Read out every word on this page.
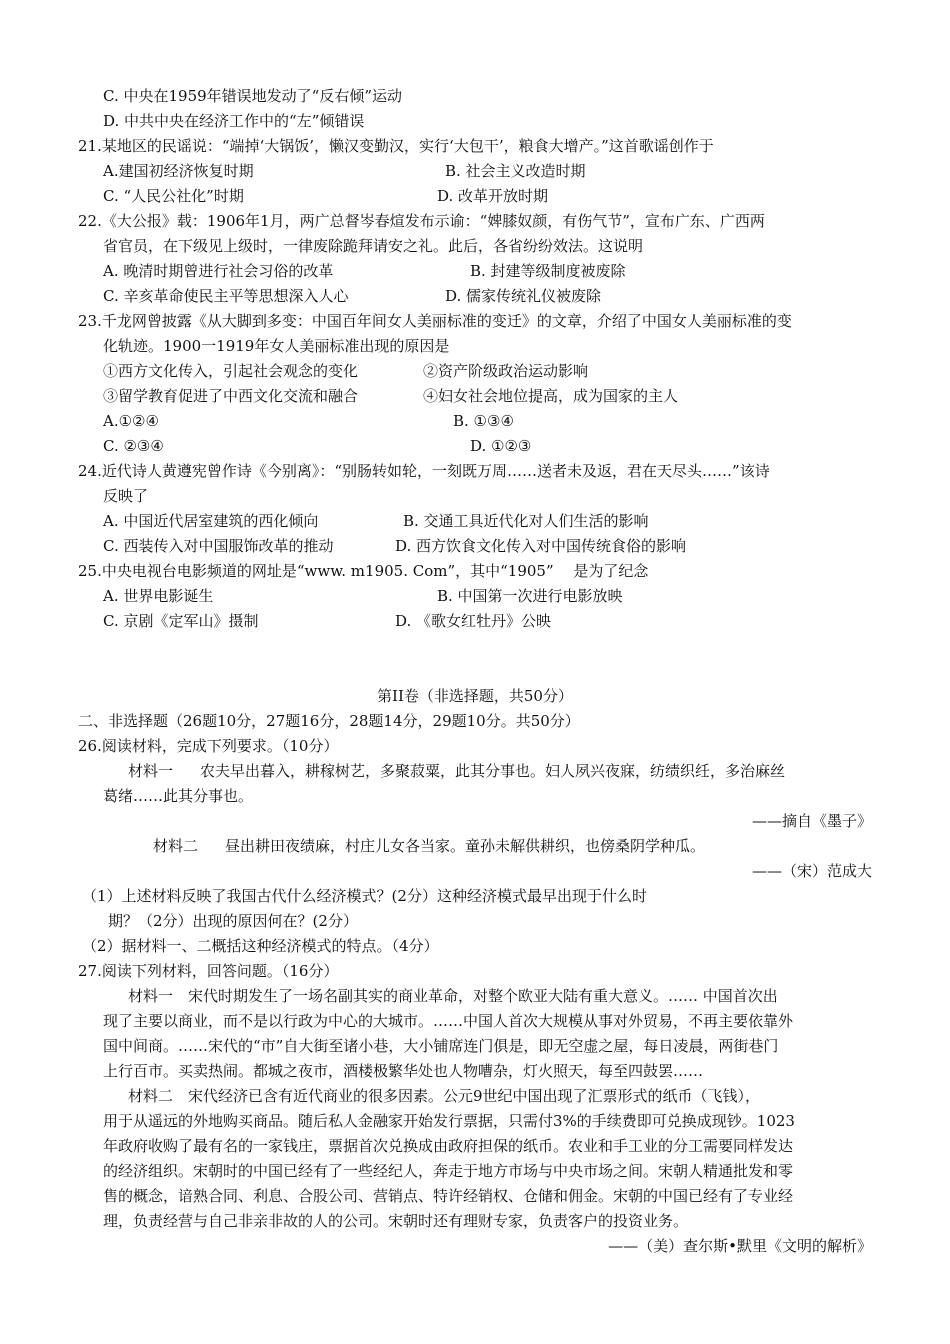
C. 中央在1959年错误地发动了“反右倾”运动
D. 中共中央在经济工作中的“左”倾错误
21.某地区的民谣说：“端掉‘大锅饭’，懒汉变勤汉，实行‘大包干’，粮食大增产。”这首歌谣创作于
A.建国初经济恢复时期	B. 社会主义改造时期
C. “人民公社化”时期	D. 改革开放时期
22.《大公报》载：1906年1月，两广总督岑春煊发布示谕：“婢膝奴颜，有伤气节”，宣布广东、广西两
省官员，在下级见上级时，一律废除跪拜请安之礼。此后，各省纷纷效法。这说明
A. 晚清时期曾进行社会习俗的改革	B. 封建等级制度被废除
C. 辛亥革命使民主平等思想深入人心	D. 儒家传统礼仪被废除
23.千龙网曾披露《从大脚到多变：中国百年间女人美丽标准的变迁》的文章，介绍了中国女人美丽标准的变
化轨迹。1900一1919年女人美丽标准出现的原因是
①西方文化传入，引起社会观念的变化	②资产阶级政治运动影响
③留学教育促进了中西文化交流和融合	④妇女社会地位提高，成为国家的主人
A.①②④	B. ①③④
C. ②③④	D. ①②③
24.近代诗人黄遵宪曾作诗《今别离》：“别肠转如轮，一刻既万周……送者未及返，君在天尽头……”该诗
反映了
A. 中国近代居室建筑的西化倾向	B. 交通工具近代化对人们生活的影响
C. 西装传入对中国服饰改革的推动	D. 西方饮食文化传入对中国传统食俗的影响
25.中央电视台电影频道的网址是“www. m1905. Com”，其中“1905”　 是为了纪念
A. 世界电影诞生	B. 中国第一次进行电影放映
C. 京剧《定军山》摄制	D. 《歌女红牡丹》公映
第II卷（非选择题，共50分）
二、非选择题（26题10分，27题16分，28题14分，29题10分。共50分）
26.阅读材料，完成下列要求。（10分）
材料一 农夫早出暮入，耕稼树艺，多聚菽粟，此其分事也。妇人夙兴夜寐，纺绩织纴，多治麻丝
葛绪……此其分事也。
——摘自《墨子》
材料二 昼出耕田夜绩麻，村庄儿女各当家。童孙未解供耕织，也傍桑阴学种瓜。
——（宋）范成大
（1）上述材料反映了我国古代什么经济模式？(2分）这种经济模式最早出现于什么时
期？（2分）出现的原因何在？(2分）
（2）据材料一、二概括这种经济模式的特点。（4分）
27.阅读下列材料，回答问题。（16分）
材料一　宋代时期发生了一场名副其实的商业革命，对整个欧亚大陆有重大意义。…… 中国首次出
现了主要以商业，而不是以行政为中心的大城市。……中国人首次大规模从事对外贸易，不再主要依靠外
国中间商。……宋代的“市”自大街至诸小巷，大小铺席连门俱是，即无空虚之屋，每日凌晨，两街巷门
上行百市。买卖热闹。都城之夜市，酒楼极繁华处也人物嘈杂，灯火照天，每至四鼓罢……
材料二　宋代经济已含有近代商业的很多因素。公元9世纪中国出现了汇票形式的纸币（飞钱），
用于从遥远的外地购买商品。随后私人金融家开始发行票据，只需付3%的手续费即可兑换成现钞。1023
年政府收购了最有名的一家钱庄，票据首次兑换成由政府担保的纸币。农业和手工业的分工需要同样发达
的经济组织。宋朝时的中国已经有了一些经纪人，奔走于地方市场与中央市场之间。宋朝人精通批发和零
售的概念，谙熟合同、利息、合股公司、营销点、特许经销权、仓储和佣金。宋朝的中国已经有了专业经
理，负责经营与自己非亲非故的人的公司。宋朝时还有理财专家，负责客户的投资业务。
——（美）查尔斯•默里《文明的解析》
